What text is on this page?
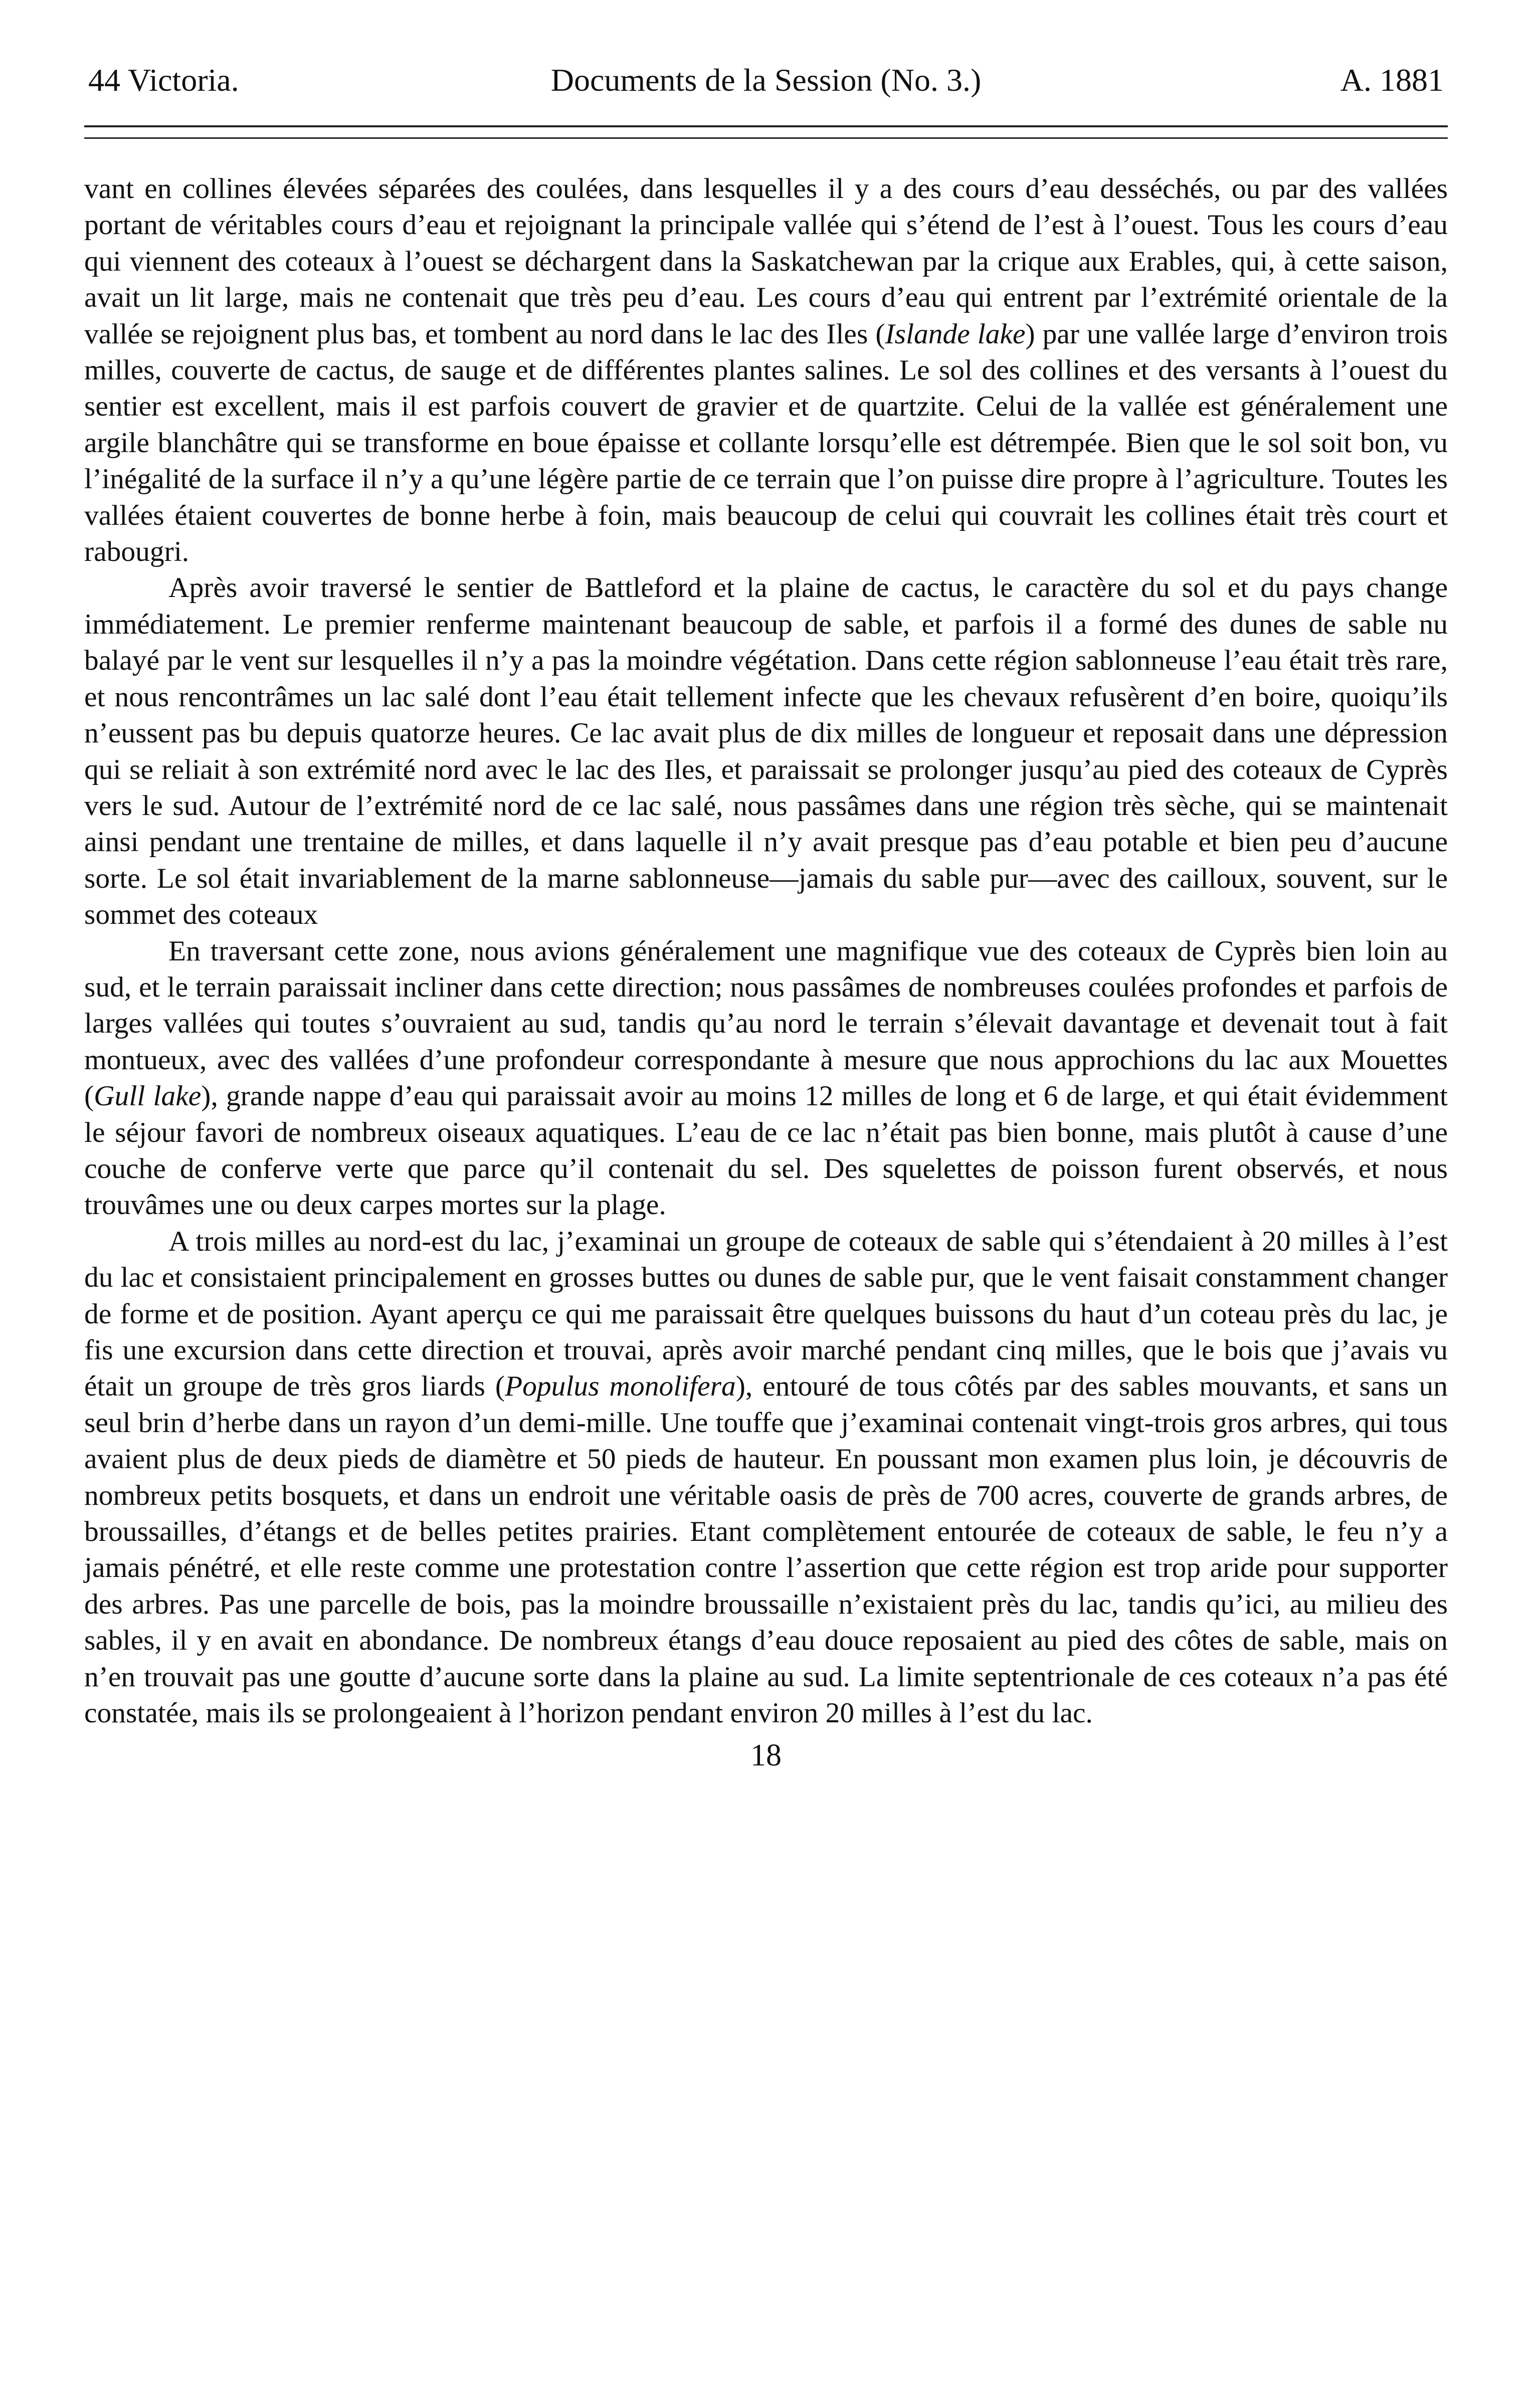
44 Victoria.	Documents de la Session (No. 3.)	A. 1881

vant en collines élevées séparées des coulées, dans lesquelles il y a des cours d’eau desséchés, ou par des vallées portant de véritables cours d’eau et rejoignant la principale vallée qui s’étend de l’est à l’ouest. Tous les cours d’eau qui viennent des coteaux à l’ouest se déchargent dans la Saskatchewan par la crique aux Erables, qui, à cette saison, avait un lit large, mais ne contenait que très peu d’eau. Les cours d’eau qui entrent par l’extrémité orientale de la vallée se rejoignent plus bas, et tombent au nord dans le lac des Iles (Islande lake) par une vallée large d’environ trois milles, couverte de cactus, de sauge et de différentes plantes salines. Le sol des collines et des versants à l’ouest du sentier est excellent, mais il est parfois couvert de gravier et de quartzite. Celui de la vallée est généralement une argile blanchâtre qui se transforme en boue épaisse et collante lorsqu’elle est détrempée. Bien que le sol soit bon, vu l’inégalité de la surface il n’y a qu’une légère partie de ce terrain que l’on puisse dire propre à l’agriculture. Toutes les vallées étaient couvertes de bonne herbe à foin, mais beaucoup de celui qui couvrait les collines était très court et rabougri.

Après avoir traversé le sentier de Battleford et la plaine de cactus, le caractère du sol et du pays change immédiatement. Le premier renferme maintenant beaucoup de sable, et parfois il a formé des dunes de sable nu balayé par le vent sur lesquelles il n’y a pas la moindre végétation. Dans cette région sablonneuse l’eau était très rare, et nous rencontrâmes un lac salé dont l’eau était tellement infecte que les chevaux refusèrent d’en boire, quoiqu’ils n’eussent pas bu depuis quatorze heures. Ce lac avait plus de dix milles de longueur et reposait dans une dépression qui se reliait à son extrémité nord avec le lac des Iles, et paraissait se prolonger jusqu’au pied des coteaux de Cyprès vers le sud. Autour de l’extrémité nord de ce lac salé, nous passâmes dans une région très sèche, qui se maintenait ainsi pendant une trentaine de milles, et dans laquelle il n’y avait presque pas d’eau potable et bien peu d’aucune sorte. Le sol était invariablement de la marne sablonneuse—jamais du sable pur—avec des cailloux, souvent, sur le sommet des coteaux

En traversant cette zone, nous avions généralement une magnifique vue des coteaux de Cyprès bien loin au sud, et le terrain paraissait incliner dans cette direction; nous passâmes de nombreuses coulées profondes et parfois de larges vallées qui toutes s’ouvraient au sud, tandis qu’au nord le terrain s’élevait davantage et devenait tout à fait montueux, avec des vallées d’une profondeur correspondante à mesure que nous approchions du lac aux Mouettes (Gull lake), grande nappe d’eau qui paraissait avoir au moins 12 milles de long et 6 de large, et qui était évidemment le séjour favori de nombreux oiseaux aquatiques. L’eau de ce lac n’était pas bien bonne, mais plutôt à cause d’une couche de conferve verte que parce qu’il contenait du sel. Des squelettes de poisson furent observés, et nous trouvâmes une ou deux carpes mortes sur la plage.

A trois milles au nord-est du lac, j’examinai un groupe de coteaux de sable qui s’étendaient à 20 milles à l’est du lac et consistaient principalement en grosses buttes ou dunes de sable pur, que le vent faisait constamment changer de forme et de position. Ayant aperçu ce qui me paraissait être quelques buissons du haut d’un coteau près du lac, je fis une excursion dans cette direction et trouvai, après avoir marché pendant cinq milles, que le bois que j’avais vu était un groupe de très gros liards (Populus monolifera), entouré de tous côtés par des sables mouvants, et sans un seul brin d’herbe dans un rayon d’un demi-mille. Une touffe que j’examinai contenait vingt-trois gros arbres, qui tous avaient plus de deux pieds de diamètre et 50 pieds de hauteur. En poussant mon examen plus loin, je découvris de nombreux petits bosquets, et dans un endroit une véritable oasis de près de 700 acres, couverte de grands arbres, de broussailles, d’étangs et de belles petites prairies. Etant complètement entourée de coteaux de sable, le feu n’y a jamais pénétré, et elle reste comme une protestation contre l’assertion que cette région est trop aride pour supporter des arbres. Pas une parcelle de bois, pas la moindre broussaille n’existaient près du lac, tandis qu’ici, au milieu des sables, il y en avait en abondance. De nombreux étangs d’eau douce reposaient au pied des côtes de sable, mais on n’en trouvait pas une goutte d’aucune sorte dans la plaine au sud. La limite septentrionale de ces coteaux n’a pas été constatée, mais ils se prolongeaient à l’horizon pendant environ 20 milles à l’est du lac.

18
